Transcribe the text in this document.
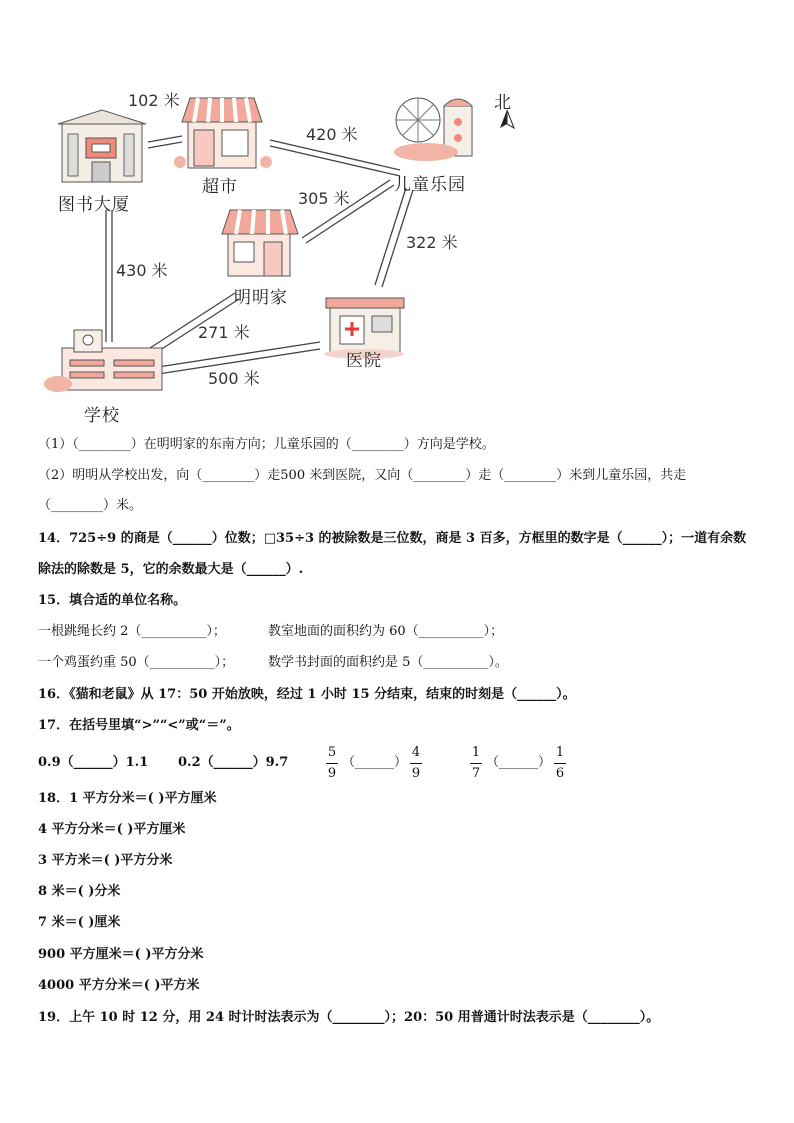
北
图书大厦
超市	儿童乐园
明明家
医院
学校
102 米
420 米
305 米
322 米
430 米
271 米
500 米
（1）（________）在明明家的东南方向；儿童乐园的（________）方向是学校。
（2）明明从学校出发，向（________）走500 米到医院，又向（________）走（________）米到儿童乐园，共走
（________）米。
14．725÷9 的商是（______）位数；□35÷3 的被除数是三位数，商是 3 百多，方框里的数字是（______）；一道有余数
除法的除数是 5，它的余数最大是（______）.
15．填合适的单位名称。
一根跳绳长约 2（__________）；	教室地面的面积约为 60（__________）；
一个鸡蛋约重 50（__________）；	数学书封面的面积约是 5（__________）。
16．《猫和老鼠》从 17：50 开始放映，经过 1 小时 15 分结束，结束的时刻是（______）。
17．在括号里填“>”“<”或“＝”。
0.9（______）1.1 0.2（______）9.7
5
9
（______）
4
9
1
7
（______）
1
6
18．1 平方分米＝( )平方厘米
4 平方分米＝( )平方厘米
3 平方米＝( )平方分米
8 米＝( )分米
7 米＝( )厘米
900 平方厘米＝( )平方分米
4000 平方分米＝( )平方米
19．上午 10 时 12 分，用 24 时计时法表示为（________）；20：50 用普通计时法表示是（________）。
